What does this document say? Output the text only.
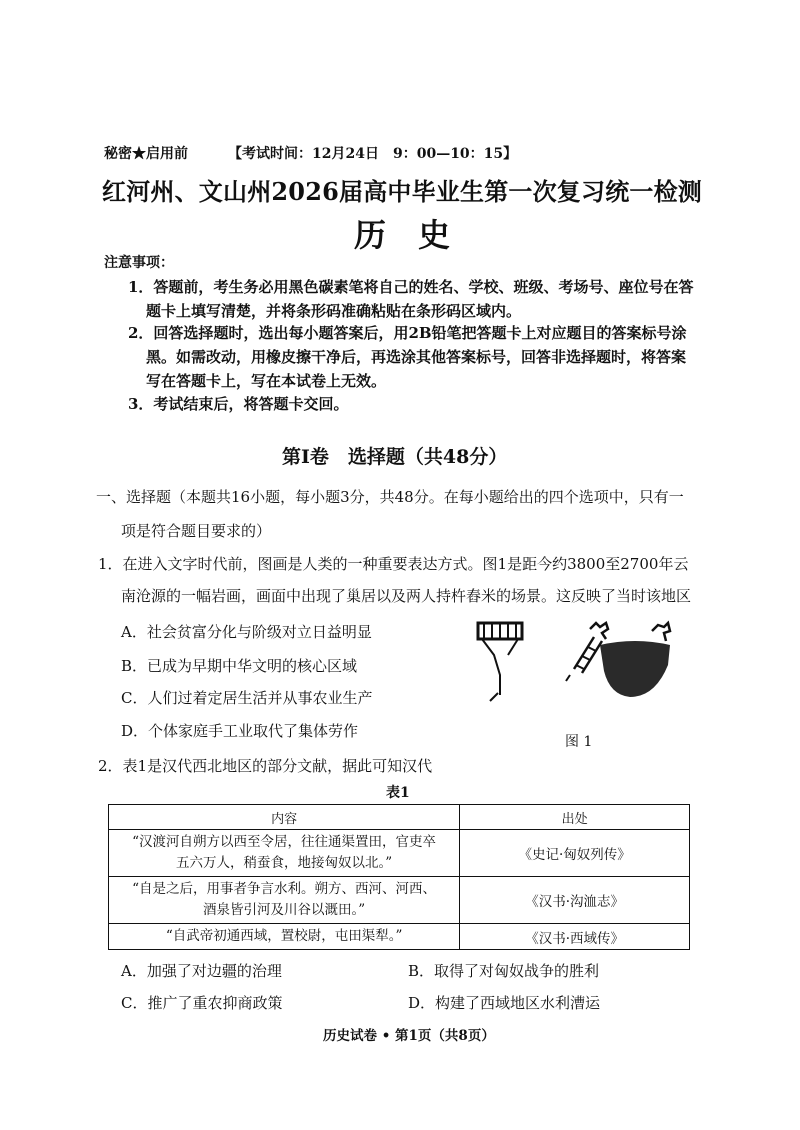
秘密★启用前	【考试时间：12月24日　9：00—10：15】
红河州、文山州2026届高中毕业生第一次复习统一检测
历　史
注意事项：
1．答题前，考生务必用黑色碳素笔将自己的姓名、学校、班级、考场号、座位号在答
题卡上填写清楚，并将条形码准确粘贴在条形码区域内。
2．回答选择题时，选出每小题答案后，用2B铅笔把答题卡上对应题目的答案标号涂
黑。如需改动，用橡皮擦干净后，再选涂其他答案标号，回答非选择题时，将答案
写在答题卡上，写在本试卷上无效。
3．考试结束后，将答题卡交回。
第Ⅰ卷　选择题（共48分）
一、选择题（本题共16小题，每小题3分，共48分。在每小题给出的四个选项中，只有一
项是符合题目要求的）
1．在进入文字时代前，图画是人类的一种重要表达方式。图1是距今约3800至2700年云
南沧源的一幅岩画，画面中出现了巢居以及两人持杵舂米的场景。这反映了当时该地区
A．社会贫富分化与阶级对立日益明显
B．已成为早期中华文明的核心区域
C．人们过着定居生活并从事农业生产
D．个体家庭手工业取代了集体劳作
图 1
2．表1是汉代西北地区的部分文献，据此可知汉代
表1
内容	出处

“汉渡河自朔方以西至令居，往往通渠置田，官吏卒
五六万人，稍蚕食，地接匈奴以北。”	《史记·匈奴列传》

“自是之后，用事者争言水利。朔方、西河、河西、
酒泉皆引河及川谷以溉田。”	《汉书·沟洫志》

“自武帝初通西域，置校尉，屯田渠犁。”	《汉书·西域传》
A．加强了对边疆的治理	B．取得了对匈奴战争的胜利
C．推广了重农抑商政策	D．构建了西域地区水利漕运
历史试卷 • 第1页（共8页）
